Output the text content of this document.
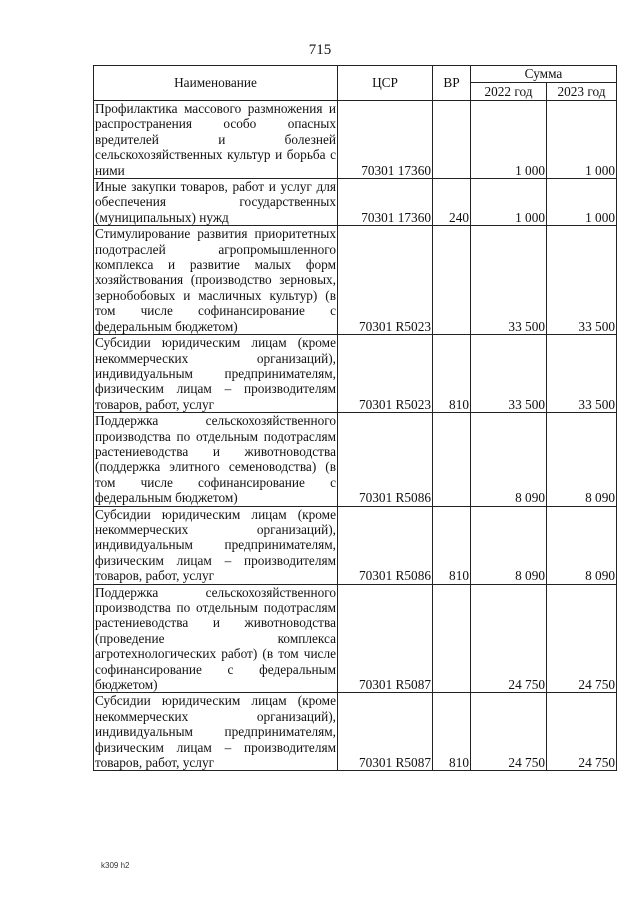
715
Наименование	ЦСР	ВР	Сумма	
			2022 год	2023 год
Профилактика массового размножения и распространения особо опасных вредителей и болезней сельскохозяйственных культур и борьба с ними	70301 17360		1 000	1 000
Иные закупки товаров, работ и услуг для обеспечения государственных (муниципальных) нужд	70301 17360	240	1 000	1 000
Стимулирование развития приоритетных подотраслей агропромышленного комплекса и развитие малых форм хозяйствования (производство зерновых, зернобобовых и масличных культур) (в том числе софинансирование с федеральным бюджетом)	70301 R5023		33 500	33 500
Субсидии юридическим лицам (кроме некоммерческих организаций), индивидуальным предпринимателям, физическим лицам – производителям товаров, работ, услуг	70301 R5023	810	33 500	33 500
Поддержка сельскохозяйственного производства по отдельным подотраслям растениеводства и животноводства (поддержка элитного семеноводства) (в том числе софинансирование с федеральным бюджетом)	70301 R5086		8 090	8 090
Субсидии юридическим лицам (кроме некоммерческих организаций), индивидуальным предпринимателям, физическим лицам – производителям товаров, работ, услуг	70301 R5086	810	8 090	8 090
Поддержка сельскохозяйственного производства по отдельным подотраслям растениеводства и животноводства (проведение комплекса агротехнологических работ) (в том числе софинансирование с федеральным бюджетом)	70301 R5087		24 750	24 750
Субсидии юридическим лицам (кроме некоммерческих организаций), индивидуальным предпринимателям, физическим лицам – производителям товаров, работ, услуг	70301 R5087	810	24 750	24 750
k309 h2
